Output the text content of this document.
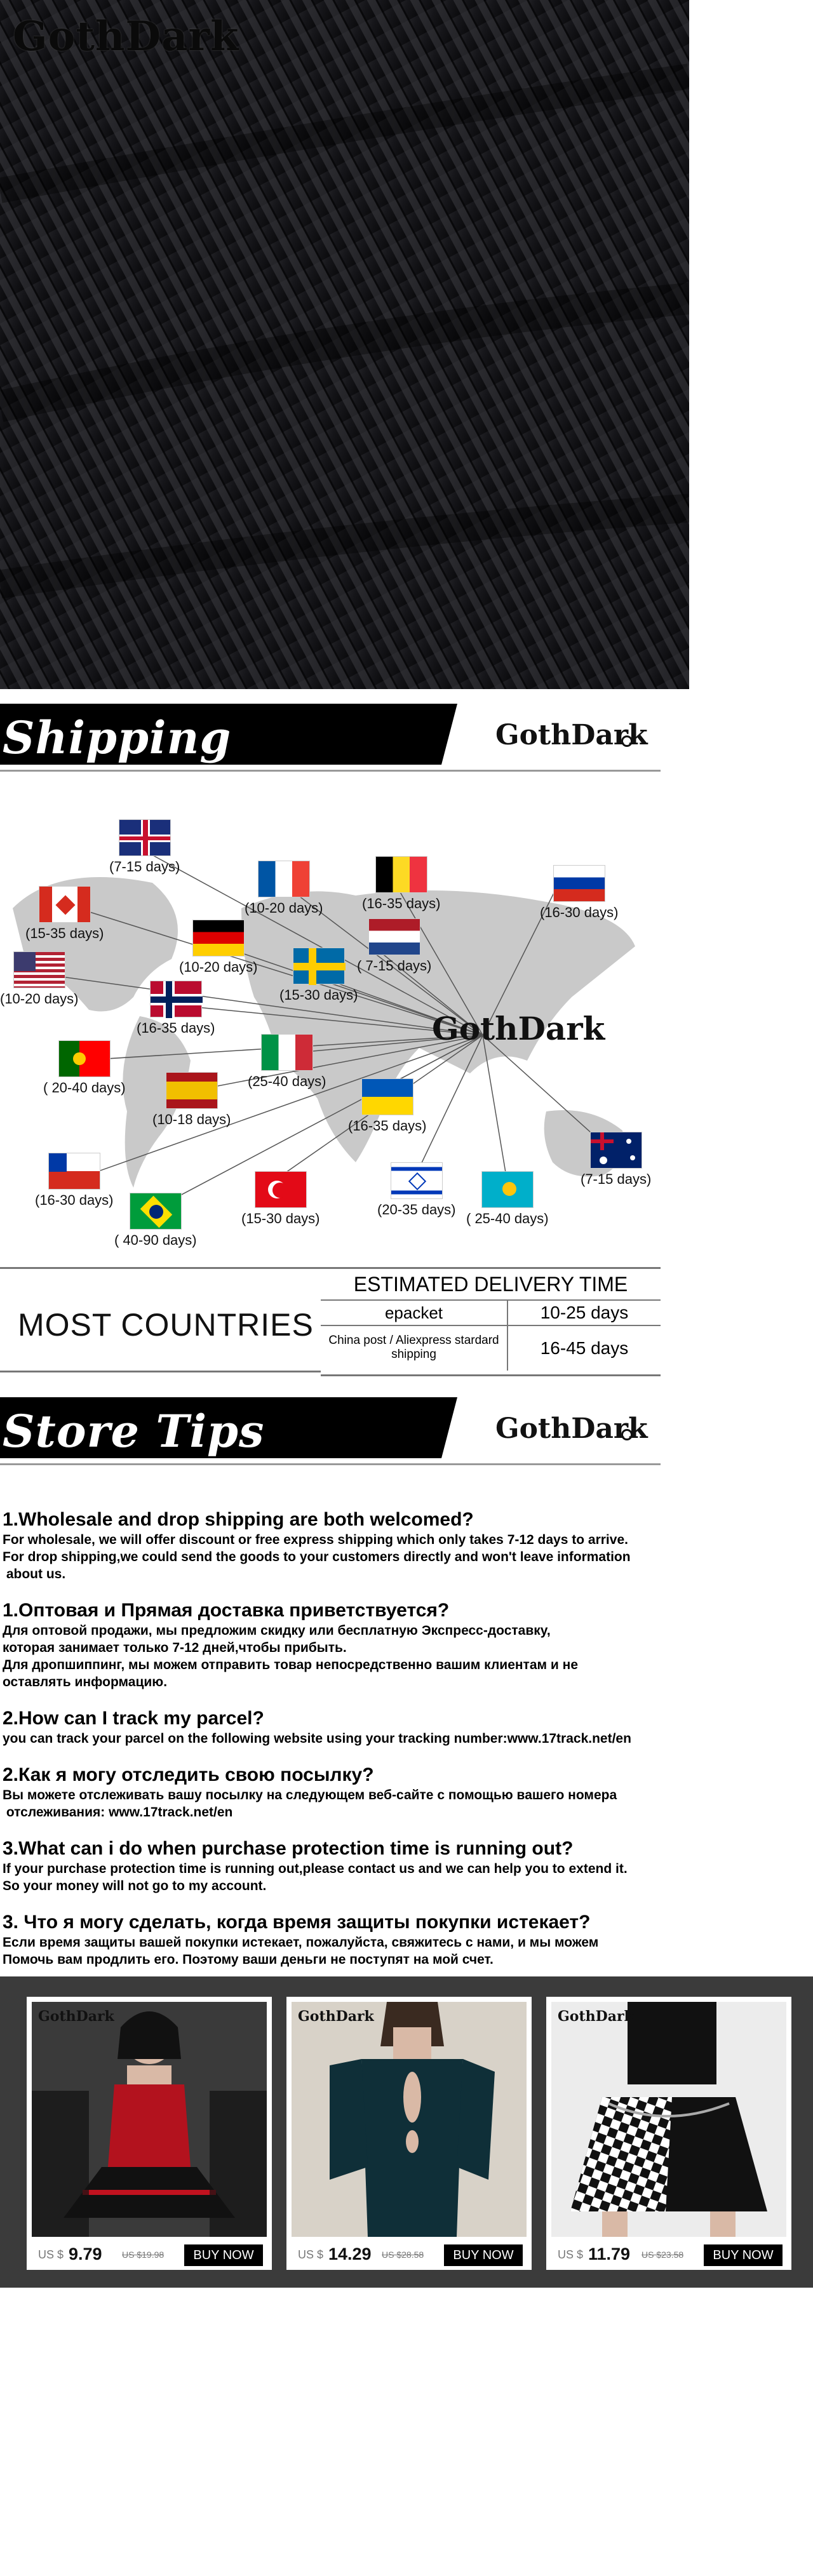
GothDark
Shipping	GothDark
GothDark
(7-15 days)
(15-35 days)
(10-20 days)	(16-35 days)
(16-30 days)
(10-20 days)
(10-20 days)	(15-30 days)
( 7-15 days)
(16-35 days)
( 20-40 days)	(25-40 days)
(10-18 days)	(16-35 days)
(7-15 days)
(16-30 days)
(15-30 days)
(20-35 days)
( 25-40 days)
( 40-90 days)
MOST COUNTRIES
ESTIMATED DELIVERY TIME
epacket	10-25 days
China post / Aliexpress stardard shipping	16-45 days
Store Tips	GothDark

1.Wholesale and drop shipping are both welcomed?

For wholesale, we will offer discount or free express shipping which only takes 7-12 days to arrive.

For drop shipping,we could send the goods to your customers directly and won't leave information

about us.

1.Оптовая и Прямая доставка приветствуется?

Для оптовой продажи, мы предложим скидку или бесплатную Экспресс-доставку,

которая занимает только 7-12 дней,чтобы прибыть.

Для дропшиппинг, мы можем отправить товар непосредственно вашим клиентам и не

оставлять информацию.

2.How can I track my parcel?

you can track your parcel on the following website using your tracking number:www.17track.net/en

2.Как я могу отследить свою посылку?

Вы можете отслеживать вашу посылку на следующем веб-сайте с помощью вашего номера

отслеживания: www.17track.net/en

3.What can i do when purchase protection time is running out?

If your purchase protection time is running out,please contact us and we can help you to extend it.

So your money will not go to my account.

3. Что я могу сделать, когда время защиты покупки истекает?

Если время защиты вашей покупки истекает, пожалуйста, свяжитесь с нами, и мы можем

Помочь вам продлить его. Поэтому ваши деньги не поступят на мой счет.

GothDark
US $ 9.79 US $19.98	BUY NOW
GothDark
US $ 14.29 US $28.58	BUY NOW
GothDark
US $ 11.79 US $23.58	BUY NOW
